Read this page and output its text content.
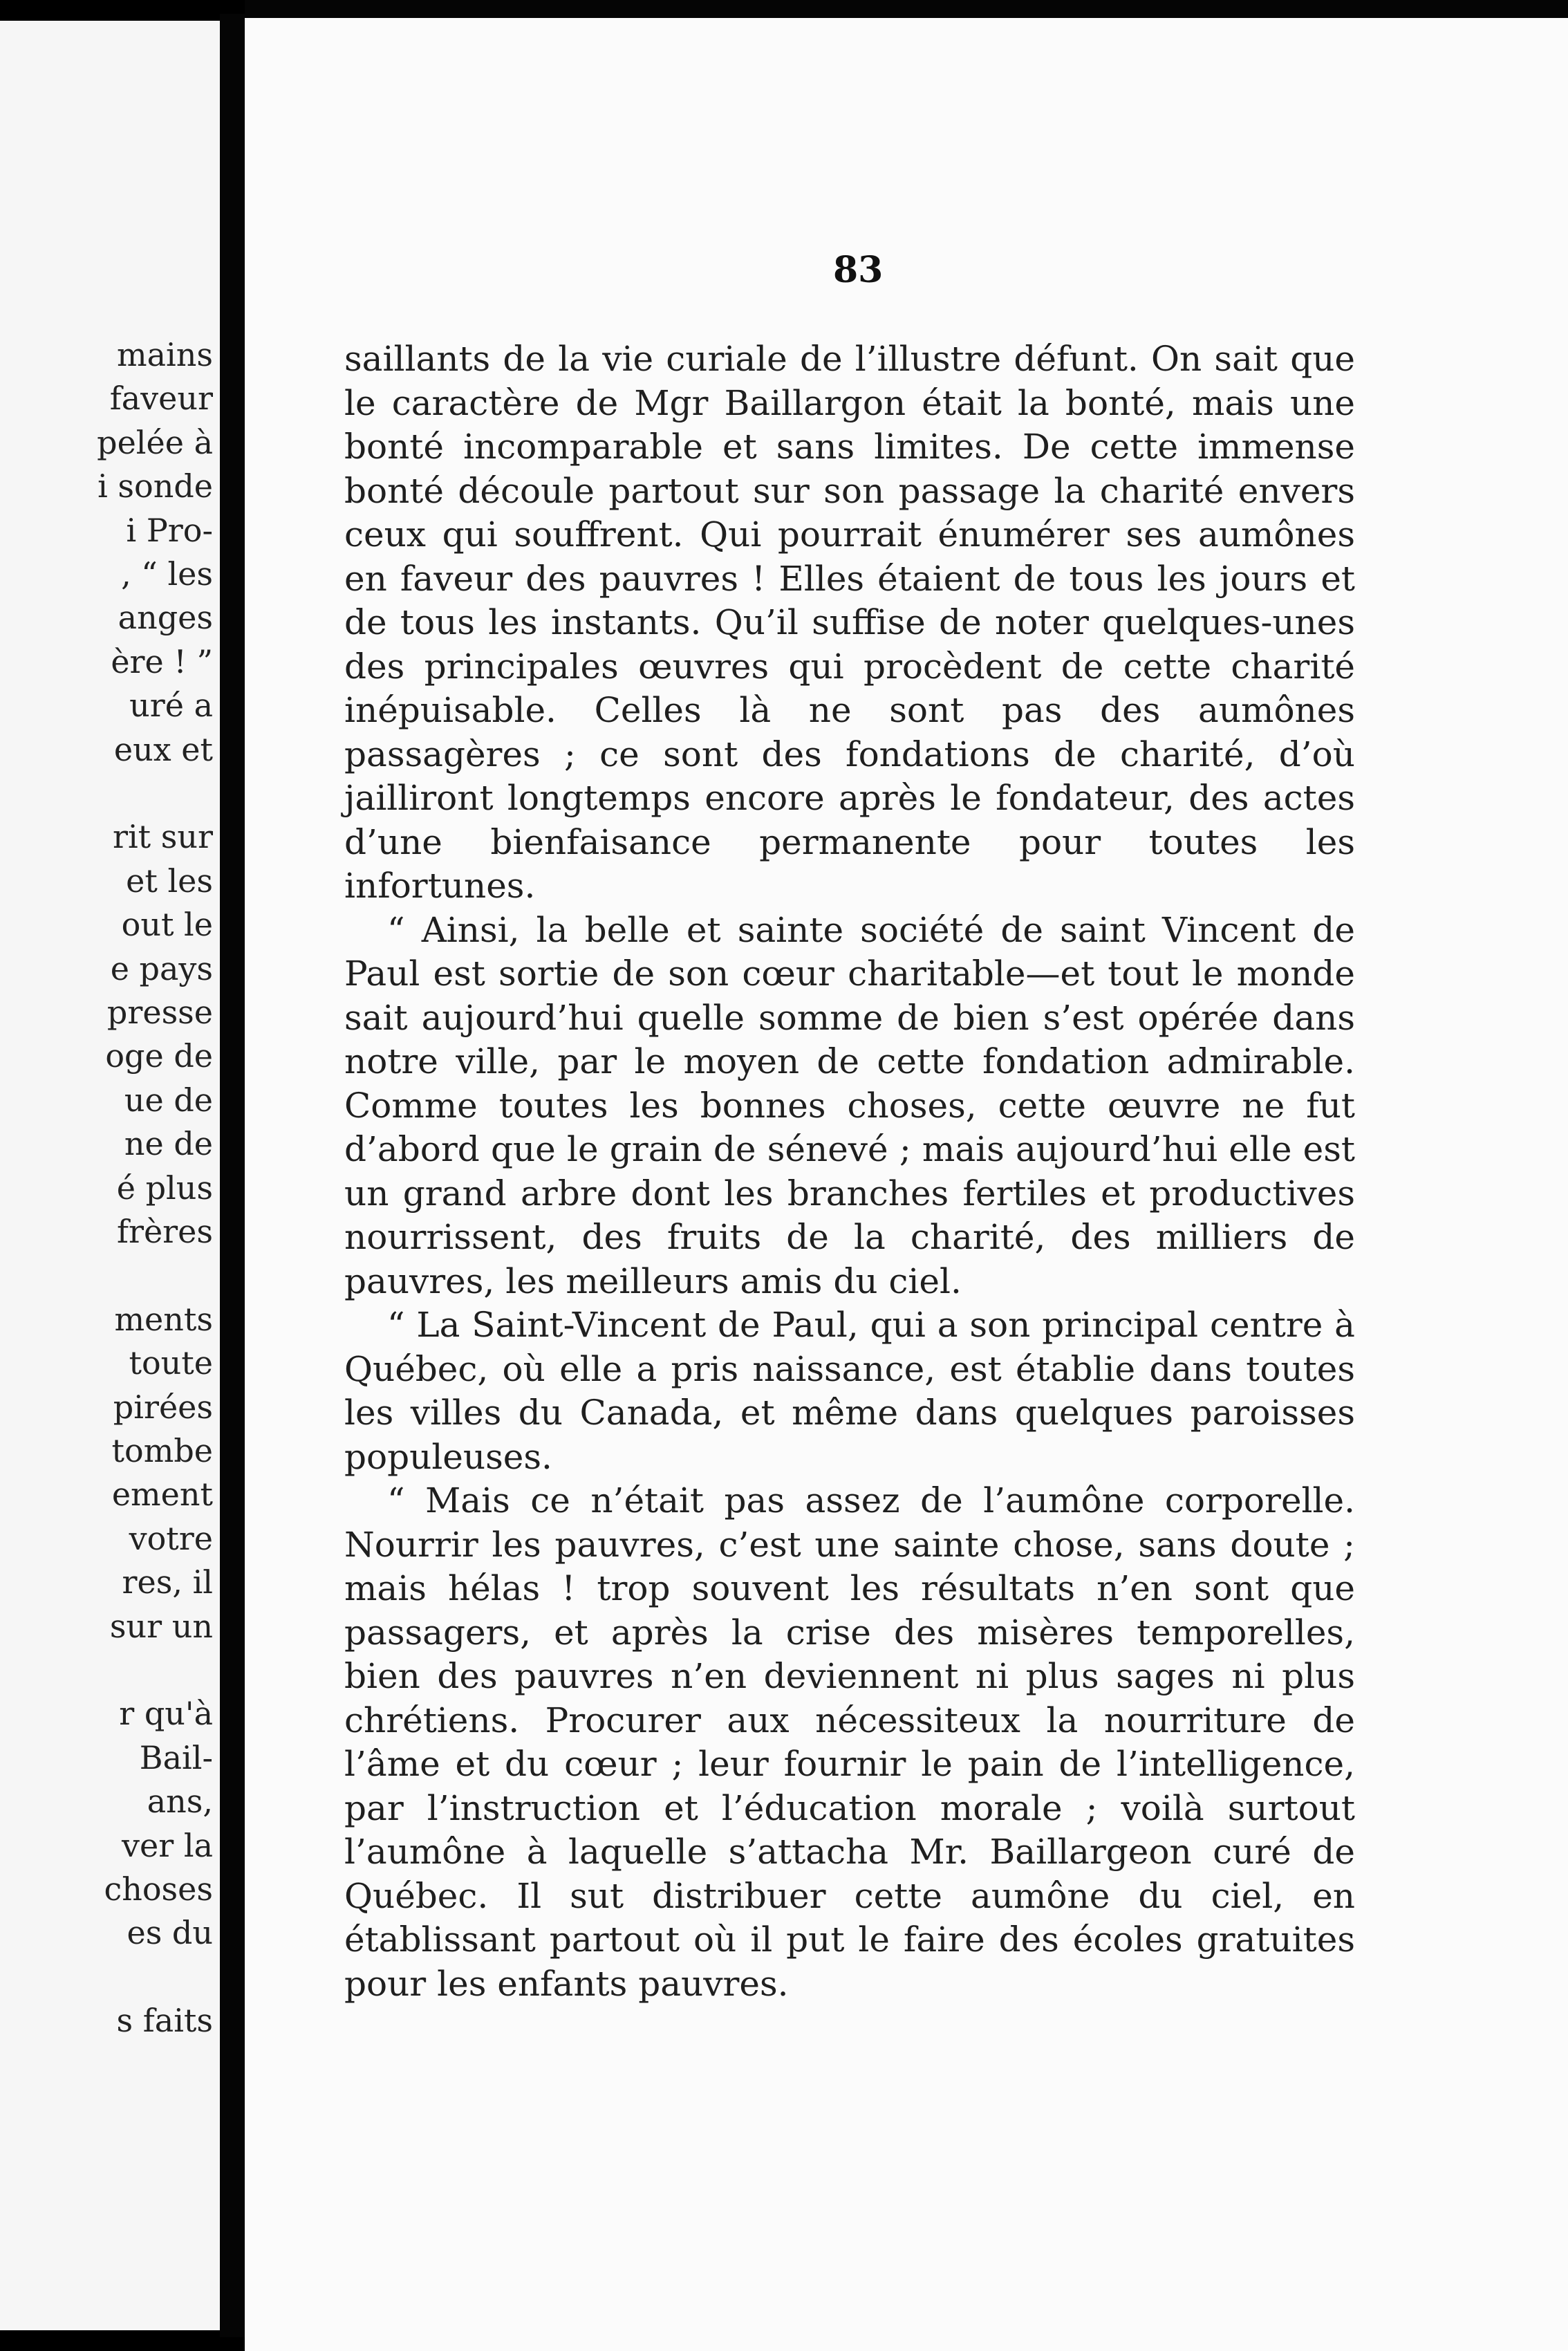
mains
faveur
pelée à
i sonde
i Pro-
, “ les
anges
ère ! ”
uré a
eux et
rit sur
et les
out le
e pays
presse
oge de
ue de
ne de
é plus
frères
ments
toute
pirées
tombe
ement
votre
res, il
sur un
r qu'à
Bail-
ans,
ver la
choses
es du
s faits
83

saillants de la vie curiale de l’illustre défunt. On sait que le caractère de Mgr Baillargon était la bonté, mais une bonté incomparable et sans limites. De cette immense bonté découle partout sur son passage la charité envers ceux qui souffrent. Qui pourrait énumérer ses aumônes en faveur des pauvres ! Elles étaient de tous les jours et de tous les instants. Qu’il suffise de noter quelques-unes des principales œuvres qui procèdent de cette charité inépuisable. Celles là ne sont pas des aumônes passagères ; ce sont des fondations de charité, d’où jailliront longtemps encore après le fondateur, des actes d’une bienfaisance permanente pour toutes les infortunes.

“ Ainsi, la belle et sainte société de saint Vincent de Paul est sortie de son cœur charitable—et tout le monde sait aujourd’hui quelle somme de bien s’est opérée dans notre ville, par le moyen de cette fondation admirable. Comme toutes les bonnes choses, cette œuvre ne fut d’abord que le grain de sénevé ; mais aujourd’hui elle est un grand arbre dont les branches fertiles et productives nourrissent, des fruits de la charité, des milliers de pauvres, les meilleurs amis du ciel.

“ La Saint-Vincent de Paul, qui a son principal centre à Québec, où elle a pris naissance, est établie dans toutes les villes du Canada, et même dans quelques paroisses populeuses.

“ Mais ce n’était pas assez de l’aumône corporelle. Nourrir les pauvres, c’est une sainte chose, sans doute ; mais hélas ! trop souvent les résultats n’en sont que passagers, et après la crise des misères temporelles, bien des pauvres n’en deviennent ni plus sages ni plus chrétiens. Procurer aux nécessiteux la nourriture de l’âme et du cœur ; leur fournir le pain de l’intelligence, par l’instruction et l’éducation morale ; voilà surtout l’aumône à laquelle s’attacha Mr. Baillargeon curé de Québec. Il sut distribuer cette aumône du ciel, en établissant partout où il put le faire des écoles gratuites pour les enfants pauvres.
